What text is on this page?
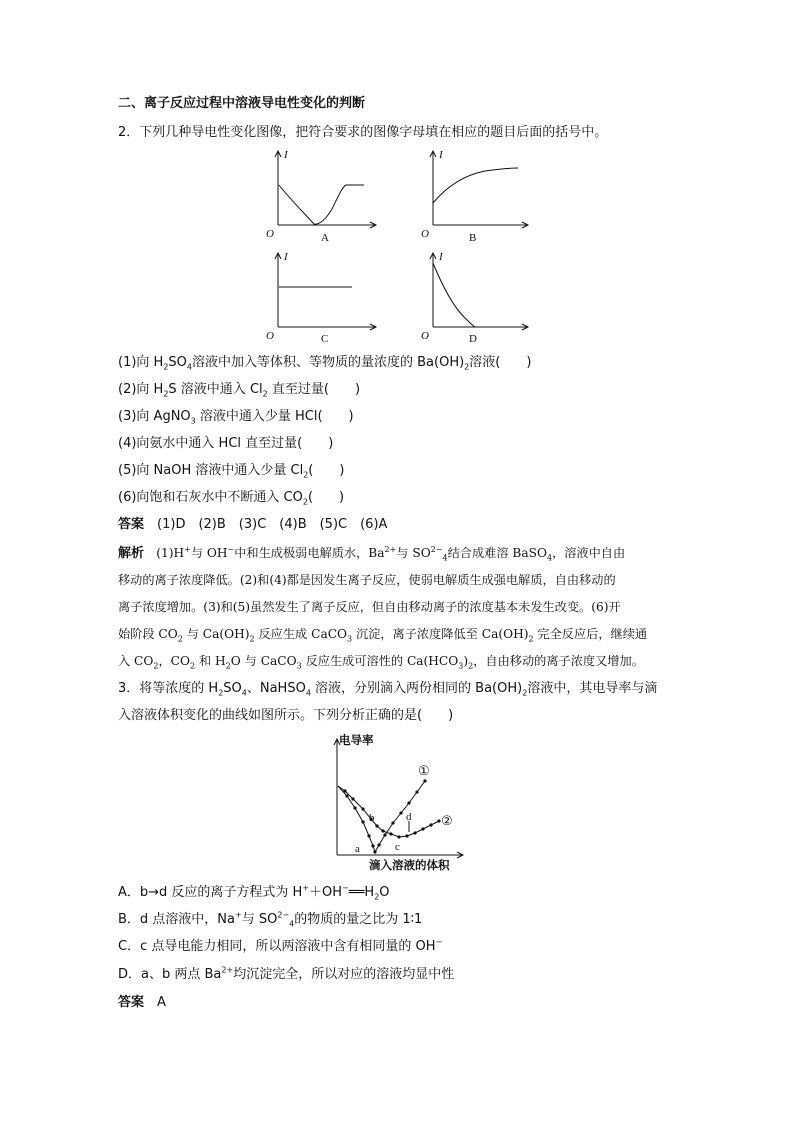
二、离子反应过程中溶液导电性变化的判断
2．下列几种导电性变化图像，把符合要求的图像字母填在相应的题目后面的括号中。
I
O
I
O
I
O
I
O
A	B
C	D
(1)向 $H_2SO_4$溶液中加入等体积、等物质的量浓度的 $Ba(OH)_2$溶液(　　)
(2)向 $H_2S$ 溶液中通入 $Cl_2$ 直至过量(　　)
(3)向 AgNO$_3$ 溶液中通入少量 HCl(　　)
(4)向氨水中通入 HCl 直至过量(　　)
(5)向 NaOH 溶液中通入少量 $Cl_2$(　　)
(6)向饱和石灰水中不断通入 $CO_2$(　　)
答案　 (1)D　(2)B　(3)C　(4)B　(5)C　(6)A
解析　 (1)H+与 OH−中和生成极弱电解质水，$Ba^{2+}$与 $SO^{2-}_4$结合成难溶 BaSO$_4$，溶液中自由
移动的离子浓度降低。(2)和(4)都是因发生离子反应，使弱电解质生成强电解质，自由移动的
离子浓度增加。(3)和(5)虽然发生了离子反应，但自由移动离子的浓度基本未发生改变。(6)开
始阶段 $CO_2$ 与 $Ca(OH)_2$ 反应生成 CaCO$_3$ 沉淀，离子浓度降低至 $Ca(OH)_2$ 完全反应后，继续通
入 $CO_2$，$CO_2$ 和 $H_2O$ 与 CaCO$_3$ 反应生成可溶性的 $Ca(HCO_3)_2$，自由移动的离子浓度又增加。
3．将等浓度的 $H_2SO_4$、NaHSO$_4$ 溶液，分别滴入两份相同的 $Ba(OH)_2$溶液中，其电导率与滴
入溶液体积变化的曲线如图所示。下列分析正确的是(　　)
电导率
①
②
a
b
c
d
滴入溶液的体积
A．b→d 反应的离子方程式为 $H^++OH^-══H_2O$
B．d 点溶液中，Na+与 $SO^{2-}_4$的物质的量之比为 1∶1
C．c 点导电能力相同，所以两溶液中含有相同量的 OH−
D．a、b 两点 $Ba^{2+}$均沉淀完全，所以对应的溶液均显中性
答案　 A
